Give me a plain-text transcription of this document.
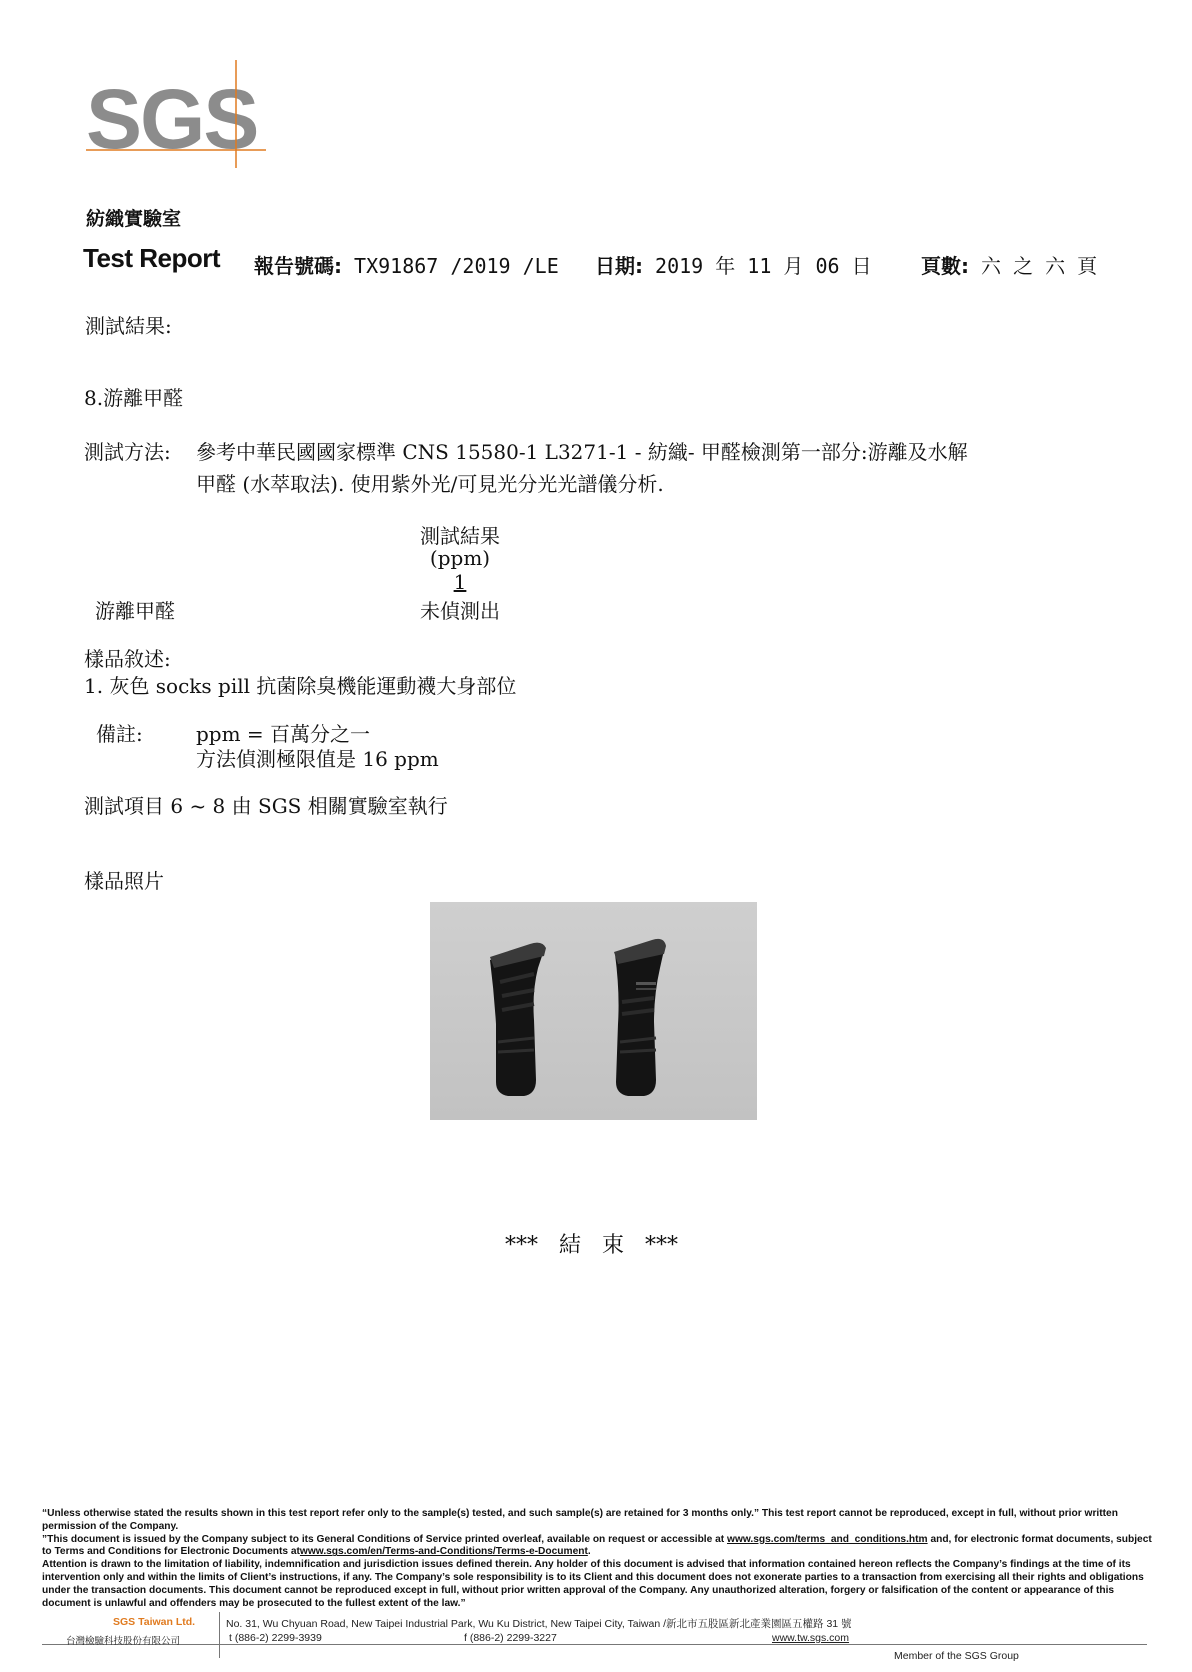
SGS
紡織實驗室
Test Report 報告號碼: TX91867 /2019 /LE 日期: 2019 年 11 月 06 日 頁數: 六 之 六 頁
測試結果:
8.游離甲醛
測試方法: 參考中華民國國家標準 CNS 15580-1 L3271-1 - 紡織- 甲醛檢測第一部分:游離及水解
甲醛 (水萃取法). 使用紫外光/可見光分光光譜儀分析.
測試結果
(ppm)
1
游離甲醛	未偵測出
樣品敘述:
1. 灰色 socks pill 抗菌除臭機能運動襪大身部位
備註:	ppm = 百萬分之一
方法偵測極限值是 16 ppm
測試項目 6 ~ 8 由 SGS 相關實驗室執行
樣品照片
*** 結 束 ***
“Unless otherwise stated the results shown in this test report refer only to the sample(s) tested, and such sample(s) are retained for 3 months only.” This test report cannot be reproduced, except in full, without prior written permission of the Company.
”This document is issued by the Company subject to its General Conditions of Service printed overleaf, available on request or accessible at www.sgs.com/terms_and_conditions.htm and, for electronic format documents, subject to Terms and Conditions for Electronic Documents atwww.sgs.com/en/Terms-and-Conditions/Terms-e-Document.
Attention is drawn to the limitation of liability, indemnification and jurisdiction issues defined therein. Any holder of this document is advised that information contained hereon reflects the Company’s findings at the time of its intervention only and within the limits of Client’s instructions, if any. The Company’s sole responsibility is to its Client and this document does not exonerate parties to a transaction from exercising all their rights and obligations under the transaction documents. This document cannot be reproduced except in full, without prior written approval of the Company. Any unauthorized alteration, forgery or falsification of the content or appearance of this document is unlawful and offenders may be prosecuted to the fullest extent of the law.”
SGS Taiwan Ltd.
台灣檢驗科技股份有限公司
No. 31, Wu Chyuan Road, New Taipei Industrial Park, Wu Ku District, New Taipei City, Taiwan /新北市五股區新北產業園區五權路 31 號
t (886-2) 2299-3939	f (886-2) 2299-3227	www.tw.sgs.com
Member of the SGS Group
